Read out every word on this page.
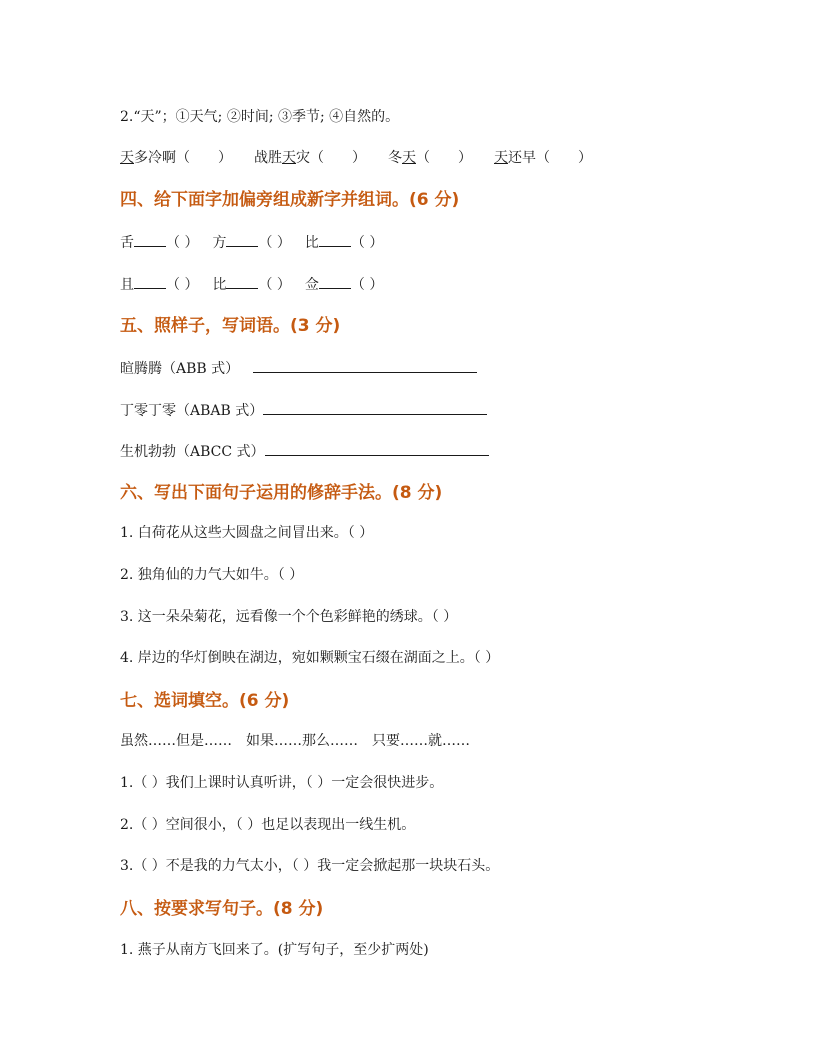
2.“天”；①天气; ②时间; ③季节; ④自然的。
天多冷啊（　　） 战胜天灾（　　） 冬天（　　） 天还早（　　）
四、给下面字加偏旁组成新字并组词。(6 分)
舌 （ ） 方 （ ） 比 （ ）
且 （ ） 比 （ ） 佥 （ ）
五、照样子，写词语。(3 分)
暄腾腾（ABB 式）
丁零丁零（ABAB 式）
生机勃勃（ABCC 式）
六、写出下面句子运用的修辞手法。(8 分)
1. 白荷花从这些大圆盘之间冒出来。（ ）
2. 独角仙的力气大如牛。（ ）
3. 这一朵朵菊花，远看像一个个色彩鲜艳的绣球。（ ）
4. 岸边的华灯倒映在湖边，宛如颗颗宝石缀在湖面之上。（ ）
七、选词填空。(6 分)
虽然……但是……　如果……那么……　只要……就……
1.（ ）我们上课时认真听讲，（ ）一定会很快进步。
2.（ ）空间很小，（ ）也足以表现出一线生机。
3.（ ）不是我的力气太小，（ ）我一定会掀起那一块块石头。
八、按要求写句子。(8 分)
1. 燕子从南方飞回来了。(扩写句子，至少扩两处)
